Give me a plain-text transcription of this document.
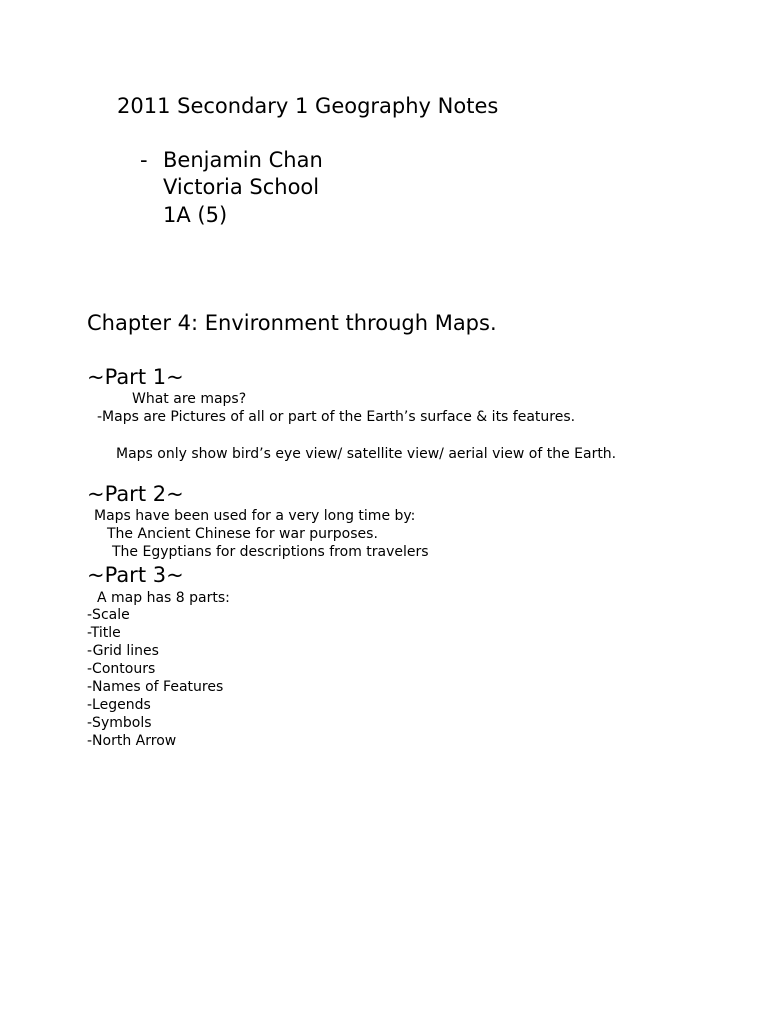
2011 Secondary 1 Geography Notes

- Benjamin Chan

Victoria School

1A (5)

Chapter 4: Environment through Maps.

~Part 1~

What are maps?

-Maps are Pictures of all or part of the Earth’s surface & its features.

Maps only show bird’s eye view/ satellite view/ aerial view of the Earth.

~Part 2~

Maps have been used for a very long time by:

The Ancient Chinese for war purposes.

The Egyptians for descriptions from travelers

~Part 3~

A map has 8 parts:

-Scale
-Title
-Grid lines
-Contours
-Names of Features
-Legends
-Symbols
-North Arrow
